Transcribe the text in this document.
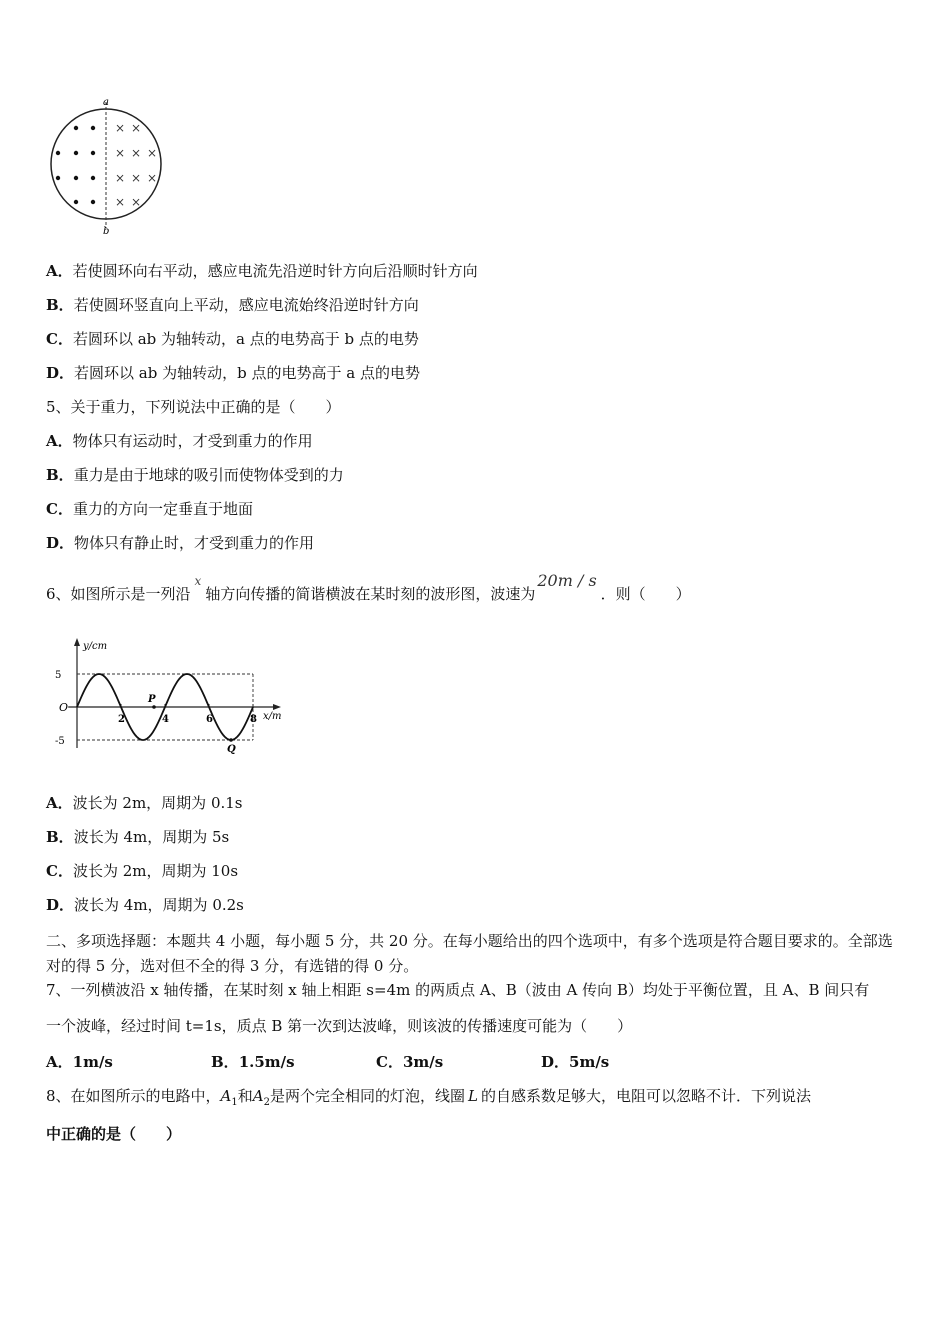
a
b
× ×
× × ×
× × ×
× ×
A．若使圆环向右平动，感应电流先沿逆时针方向后沿顺时针方向
B．若使圆环竖直向上平动，感应电流始终沿逆时针方向
C．若圆环以 ab 为轴转动，a 点的电势高于 b 点的电势
D．若圆环以 ab 为轴转动，b 点的电势高于 a 点的电势
5、关于重力，下列说法中正确的是（　　）
A．物体只有运动时，才受到重力的作用
B．重力是由于地球的吸引而使物体受到的力
C．重力的方向一定垂直于地面
D．物体只有静止时，才受到重力的作用
6、如图所示是一列沿$^x$轴方向传播的简谐横波在某时刻的波形图，波速为20m / s．则（　　）
y/cm
x/m
O
5
-5
2	4	6	8
P
Q
A．波长为 2m，周期为 0.1s
B．波长为 4m，周期为 5s
C．波长为 2m，周期为 10s
D．波长为 4m，周期为 0.2s
二、多项选择题：本题共 4 小题，每小题 5 分，共 20 分。在每小题给出的四个选项中，有多个选项是符合题目要求的。全部选对的得 5 分，选对但不全的得 3 分，有选错的得 0 分。
7、一列横波沿 x 轴传播，在某时刻 x 轴上相距 s=4m 的两质点 A、B（波由 A 传向 B）均处于平衡位置，且 A、B 间只有
一个波峰，经过时间 t=1s，质点 B 第一次到达波峰，则该波的传播速度可能为（　　）
A．1m/s	B．1.5m/s	C．3m/s	D．5m/s
8、在如图所示的电路中，$A_1$和$A_2$是两个完全相同的灯泡，线圈 L 的自感系数足够大，电阻可以忽略不计．下列说法
中正确的是（　　）
